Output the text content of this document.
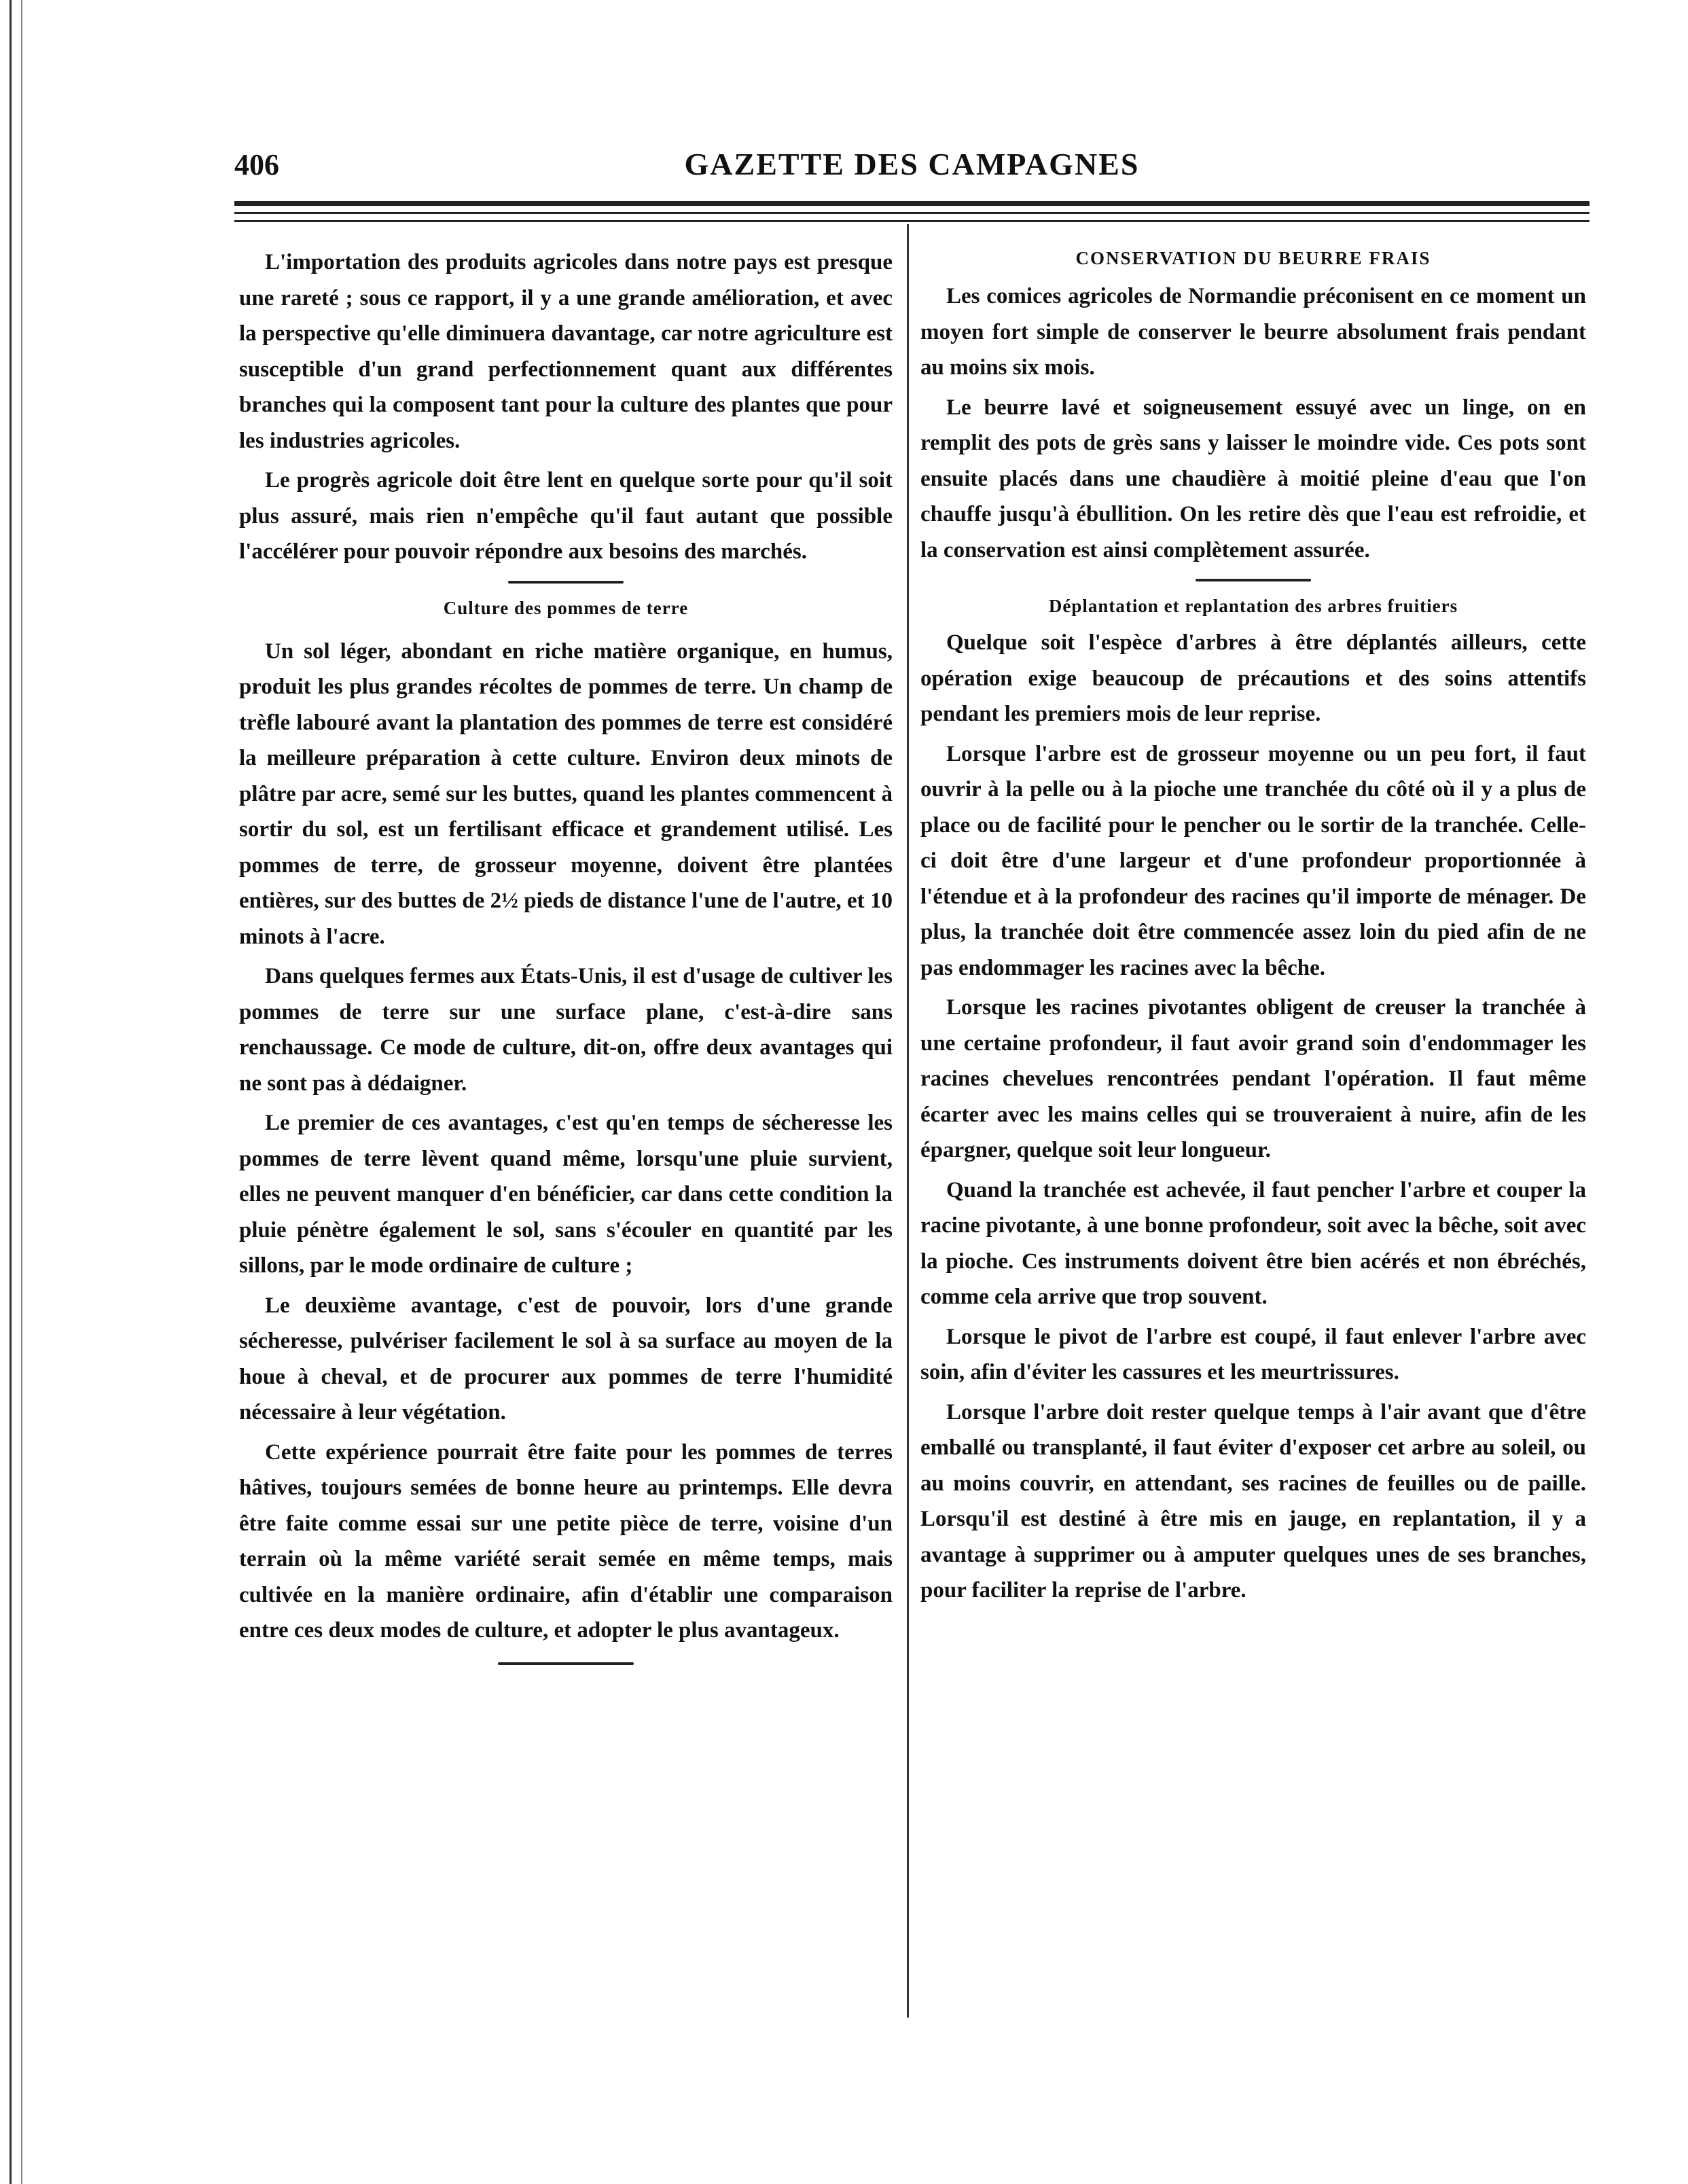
406	GAZETTE DES CAMPAGNES

L'importation des produits agricoles dans notre pays est presque une rareté ; sous ce rapport, il y a une grande amélioration, et avec la perspective qu'elle diminuera davantage, car notre agriculture est susceptible d'un grand perfectionnement quant aux différentes branches qui la composent tant pour la culture des plantes que pour les industries agricoles.

Le progrès agricole doit être lent en quelque sorte pour qu'il soit plus assuré, mais rien n'empêche qu'il faut autant que possible l'accélérer pour pouvoir répondre aux besoins des marchés.

Culture des pommes de terre

Un sol léger, abondant en riche matière organique, en humus, produit les plus grandes récoltes de pommes de terre. Un champ de trèfle labouré avant la plantation des pommes de terre est considéré la meilleure préparation à cette culture. Environ deux minots de plâtre par acre, semé sur les buttes, quand les plantes commencent à sortir du sol, est un fertilisant efficace et grandement utilisé. Les pommes de terre, de grosseur moyenne, doivent être plantées entières, sur des buttes de 2½ pieds de distance l'une de l'autre, et 10 minots à l'acre.

Dans quelques fermes aux États-Unis, il est d'usage de cultiver les pommes de terre sur une surface plane, c'est-à-dire sans renchaussage. Ce mode de culture, dit-on, offre deux avantages qui ne sont pas à dédaigner.

Le premier de ces avantages, c'est qu'en temps de sécheresse les pommes de terre lèvent quand même, lorsqu'une pluie survient, elles ne peuvent manquer d'en bénéficier, car dans cette condition la pluie pénètre également le sol, sans s'écouler en quantité par les sillons, par le mode ordinaire de culture ;

Le deuxième avantage, c'est de pouvoir, lors d'une grande sécheresse, pulvériser facilement le sol à sa surface au moyen de la houe à cheval, et de procurer aux pommes de terre l'humidité nécessaire à leur végétation.

Cette expérience pourrait être faite pour les pommes de terres hâtives, toujours semées de bonne heure au printemps. Elle devra être faite comme essai sur une petite pièce de terre, voisine d'un terrain où la même variété serait semée en même temps, mais cultivée en la manière ordinaire, afin d'établir une comparaison entre ces deux modes de culture, et adopter le plus avantageux.

CONSERVATION DU BEURRE FRAIS

Les comices agricoles de Normandie préconisent en ce moment un moyen fort simple de conserver le beurre absolument frais pendant au moins six mois.

Le beurre lavé et soigneusement essuyé avec un linge, on en remplit des pots de grès sans y laisser le moindre vide. Ces pots sont ensuite placés dans une chaudière à moitié pleine d'eau que l'on chauffe jusqu'à ébullition. On les retire dès que l'eau est refroidie, et la conservation est ainsi complètement assurée.

Déplantation et replantation des arbres fruitiers

Quelque soit l'espèce d'arbres à être déplantés ailleurs, cette opération exige beaucoup de précautions et des soins attentifs pendant les premiers mois de leur reprise.

Lorsque l'arbre est de grosseur moyenne ou un peu fort, il faut ouvrir à la pelle ou à la pioche une tranchée du côté où il y a plus de place ou de facilité pour le pencher ou le sortir de la tranchée. Celle-ci doit être d'une largeur et d'une profondeur proportionnée à l'étendue et à la profondeur des racines qu'il importe de ménager. De plus, la tranchée doit être commencée assez loin du pied afin de ne pas endommager les racines avec la bêche.

Lorsque les racines pivotantes obligent de creuser la tranchée à une certaine profondeur, il faut avoir grand soin d'endommager les racines chevelues rencontrées pendant l'opération. Il faut même écarter avec les mains celles qui se trouveraient à nuire, afin de les épargner, quelque soit leur longueur.

Quand la tranchée est achevée, il faut pencher l'arbre et couper la racine pivotante, à une bonne profondeur, soit avec la bêche, soit avec la pioche. Ces instruments doivent être bien acérés et non ébréchés, comme cela arrive que trop souvent.

Lorsque le pivot de l'arbre est coupé, il faut enlever l'arbre avec soin, afin d'éviter les cassures et les meurtrissures.

Lorsque l'arbre doit rester quelque temps à l'air avant que d'être emballé ou transplanté, il faut éviter d'exposer cet arbre au soleil, ou au moins couvrir, en attendant, ses racines de feuilles ou de paille. Lorsqu'il est destiné à être mis en jauge, en replantation, il y a avantage à supprimer ou à amputer quelques unes de ses branches, pour faciliter la reprise de l'arbre.
